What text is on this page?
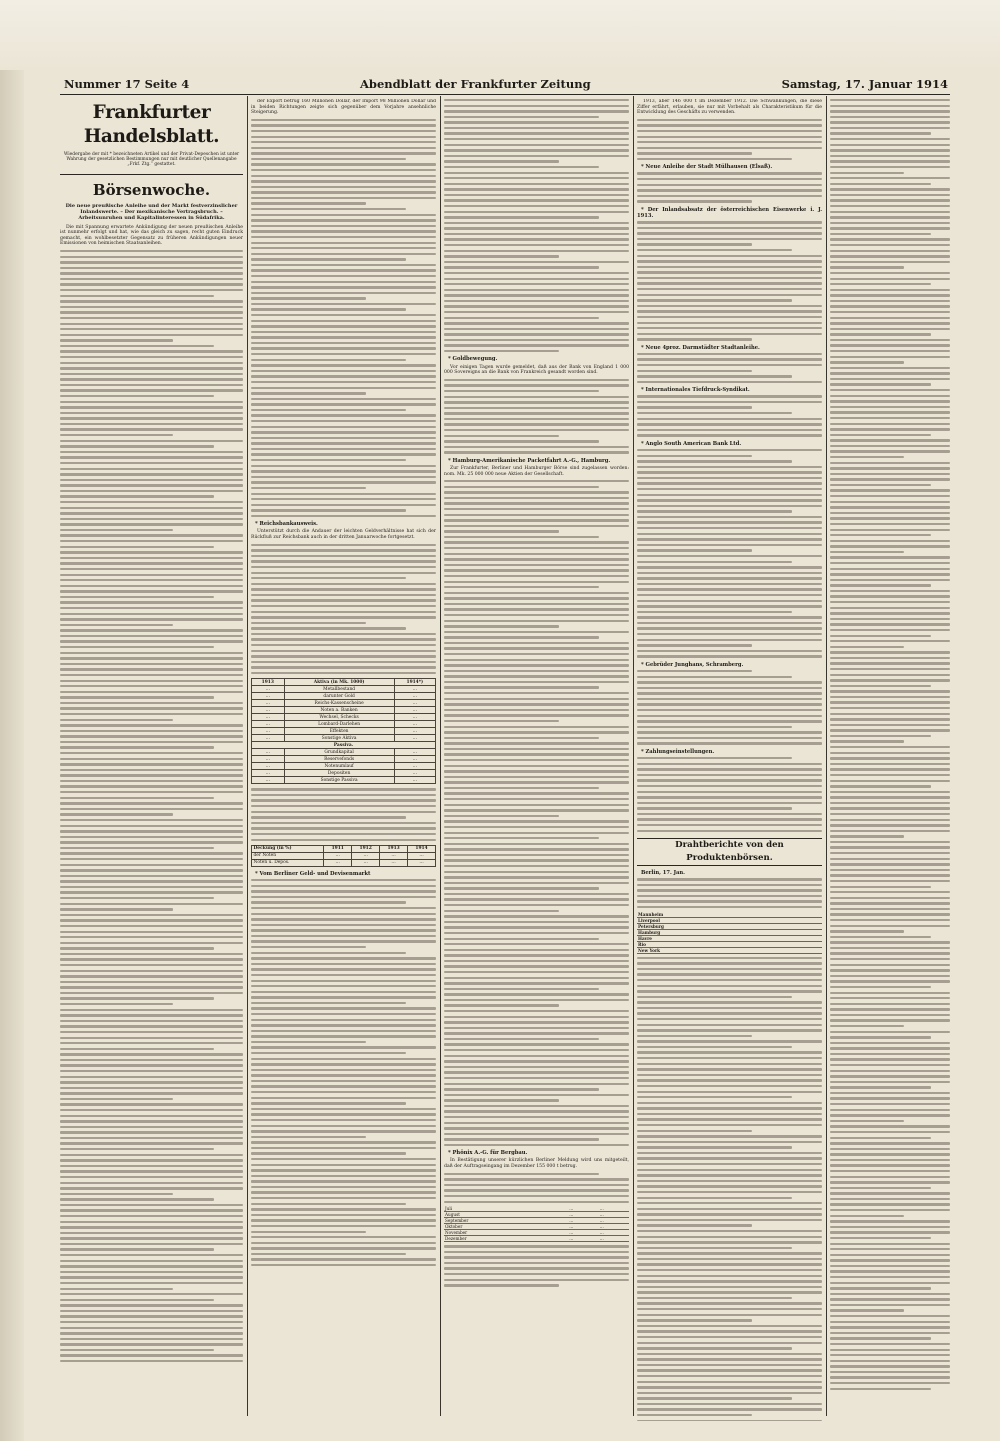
Nummer 17 Seite 4	Abendblatt der Frankfurter Zeitung	Samstag, 17. Januar 1914
Frankfurter Handelsblatt.
Wiedergabe der mit * bezeichneten Artikel und der Privat-Depeschen ist unter Wahrung der gesetzlichen Bestimmungen nur mit deutlicher Quellenangabe „Frkf. Ztg.“ gestattet.
Börsenwoche.
Die neue preußische Anleihe und der Markt festverzinslicher Inlandswerte. – Der mexikanische Vertragsbruch. – Arbeitsunruhen und Kapitalinteressen in Südafrika.
Die mit Spannung erwartete Ankündigung der neuen preußischen Anleihe ist nunmehr erfolgt und hat, wie das gleich zu sagen, recht guten Eindruck gemacht, ein wohlbesetzter Gegensatz zu früheren Ankündigungen neuer Emissionen von heimischen Staatsanleihen.
der Export betrug 160 Millionen Dollar, der Import 98 Millionen Dollar und in beiden Richtungen zeigte sich gegenüber dem Vorjahre ansehnliche Steigerung.
* Reichsbankausweis.
Unterstützt durch die Andauer der leichten Geldverhältnisse hat sich der Rückfluß zur Reichsbank auch in der dritten Januarwoche fortgesetzt.
1913	Aktiva (in Mk. 1000)	1914*)
…	Metallbestand	…
…	darunter Gold	…
…	Reichs-Kassenscheine	…
…	Noten a. Banken	…
…	Wechsel, Schecks	…
…	Lombard-Darlehen	…
…	Effekten	…
…	Sonstige Aktiva	…
Passiva.		
…	Grundkapital	…
…	Reservefonds	…
…	Notenumlauf	…
…	Depositen	…
…	Sonstige Passiva	…
Deckung (in %)	1911	1912	1913	1914
der Noten	…	…	…	…
Noten u. Depos.	…	…	…	…
* Vom Berliner Geld- und Devisenmarkt
* Goldbewegung.
Vor einigen Tagen wurde gemeldet, daß aus der Bank von England 1 000 000 Sovereigns an die Bank von Frankreich gesandt worden sind.
* Hamburg-Amerikanische Packetfahrt A.-G., Hamburg.
Zur Frankfurter, Berliner und Hamburger Börse sind zugelassen worden: nom. Mk. 25 000 000 neue Aktien der Gesellschaft.
* Phönix A.-G. für Bergbau.
In Bestätigung unserer kürzlichen Berliner Meldung wird uns mitgeteilt, daß der Auftragseingang im Dezember 155 000 t betrug.
Juli	…	…
August	…	…
September	…	…
Oktober	…	…
November	…	…
Dezember	…	…
1913, aber 146 000 t im Dezember 1912. Die Schwankungen, die diese Ziffer erfährt, erlauben, sie nur mit Vorbehalt als Charakteristikum für die Entwicklung des Geschäfts zu verwenden.
* Neue Anleihe der Stadt Mülhausen (Elsaß).
* Der Inlandsabsatz der österreichischen Eisenwerke i. J. 1913.
* Neue 4proz. Darmstädter Stadtanleihe.
* Internationales Tiefdruck-Syndikat.
* Anglo South American Bank Ltd.
* Gebrüder Junghans, Schramberg.
* Zahlungseinstellungen.
Drahtberichte von den Produktenbörsen.
Berlin, 17. Jan.
Mannheim
Liverpool
Petersburg
Hamburg
Havre
Rio
New York
